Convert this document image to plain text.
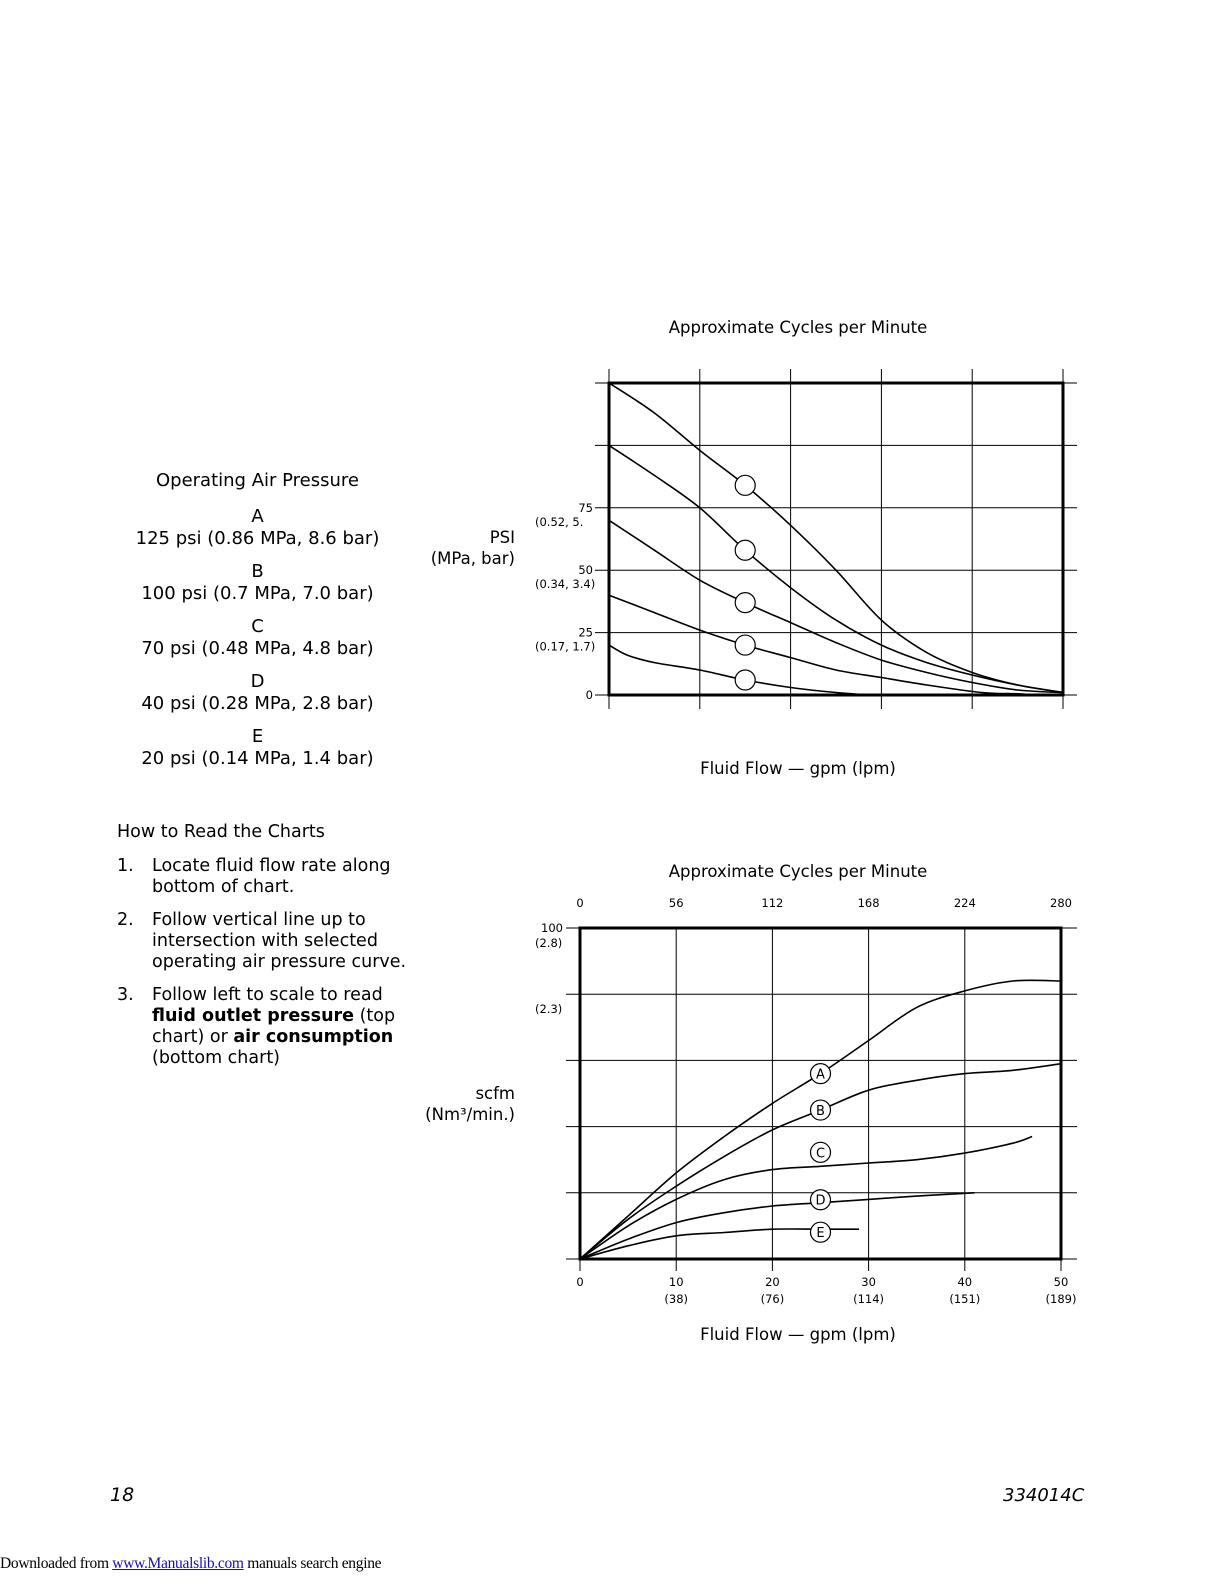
Operating Air Pressure
A
125 psi (0.86 MPa, 8.6 bar)
B
100 psi (0.7 MPa, 7.0 bar)
C
70 psi (0.48 MPa, 4.8 bar)
D
40 psi (0.28 MPa, 2.8 bar)
E
20 psi (0.14 MPa, 1.4 bar)
How to Read the Charts
1. Locate fluid flow rate along bottom of chart.
2. Follow vertical line up to intersection with selected operating air pressure curve.
3. Follow left to scale to read fluid outlet pressure (top chart) or air consumption (bottom chart)
Approximate Cycles per Minute
PSI
(MPa, bar)
Fluid Flow — gpm (lpm)
Approximate Cycles per Minute
scfm
(Nm³/min.)
Fluid Flow — gpm (lpm)
75
(0.52, 5.
50
(0.34, 3.4)
25
(0.17, 1.7)
0
0	10
(38)
20
(76)
30
(114)
40
(151)
50
(189)
0	56	112	168	224	280
100
(2.8)
(2.3)
A
B
C
D
E
18	334014C
Downloaded from www.Manualslib.com manuals search engine
